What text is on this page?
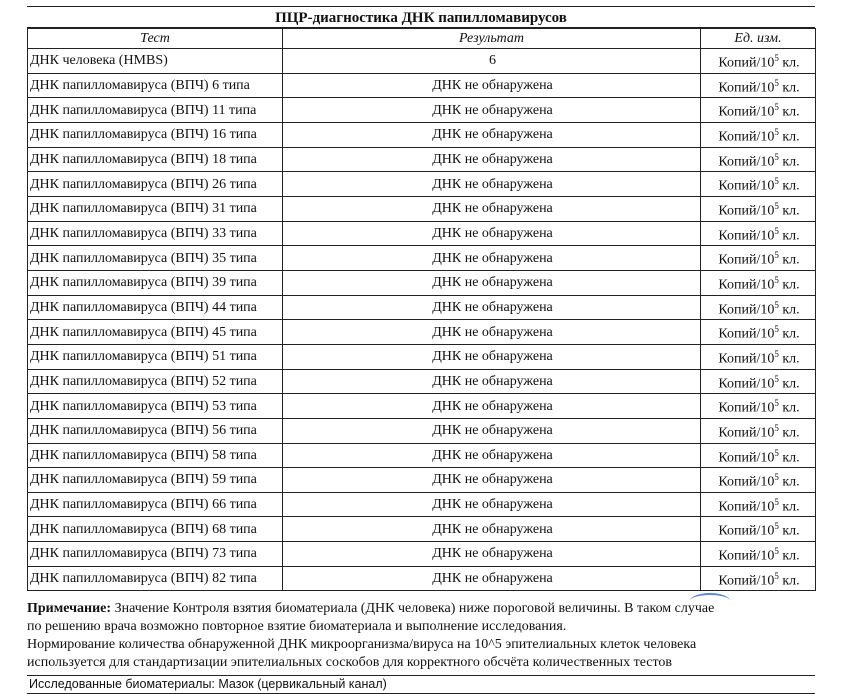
ПЦР-диагностика ДНК папилломавирусов
Тест	Результат	Ед. изм.
ДНК человека (HMBS)	6	Копий/$10^5$ кл.
ДНК папилломавируса (ВПЧ) 6 типа	ДНК не обнаружена	Копий/$10^5$ кл.
ДНК папилломавируса (ВПЧ) 11 типа	ДНК не обнаружена	Копий/$10^5$ кл.
ДНК папилломавируса (ВПЧ) 16 типа	ДНК не обнаружена	Копий/$10^5$ кл.
ДНК папилломавируса (ВПЧ) 18 типа	ДНК не обнаружена	Копий/$10^5$ кл.
ДНК папилломавируса (ВПЧ) 26 типа	ДНК не обнаружена	Копий/$10^5$ кл.
ДНК папилломавируса (ВПЧ) 31 типа	ДНК не обнаружена	Копий/$10^5$ кл.
ДНК папилломавируса (ВПЧ) 33 типа	ДНК не обнаружена	Копий/$10^5$ кл.
ДНК папилломавируса (ВПЧ) 35 типа	ДНК не обнаружена	Копий/$10^5$ кл.
ДНК папилломавируса (ВПЧ) 39 типа	ДНК не обнаружена	Копий/$10^5$ кл.
ДНК папилломавируса (ВПЧ) 44 типа	ДНК не обнаружена	Копий/$10^5$ кл.
ДНК папилломавируса (ВПЧ) 45 типа	ДНК не обнаружена	Копий/$10^5$ кл.
ДНК папилломавируса (ВПЧ) 51 типа	ДНК не обнаружена	Копий/$10^5$ кл.
ДНК папилломавируса (ВПЧ) 52 типа	ДНК не обнаружена	Копий/$10^5$ кл.
ДНК папилломавируса (ВПЧ) 53 типа	ДНК не обнаружена	Копий/$10^5$ кл.
ДНК папилломавируса (ВПЧ) 56 типа	ДНК не обнаружена	Копий/$10^5$ кл.
ДНК папилломавируса (ВПЧ) 58 типа	ДНК не обнаружена	Копий/$10^5$ кл.
ДНК папилломавируса (ВПЧ) 59 типа	ДНК не обнаружена	Копий/$10^5$ кл.
ДНК папилломавируса (ВПЧ) 66 типа	ДНК не обнаружена	Копий/$10^5$ кл.
ДНК папилломавируса (ВПЧ) 68 типа	ДНК не обнаружена	Копий/$10^5$ кл.
ДНК папилломавируса (ВПЧ) 73 типа	ДНК не обнаружена	Копий/$10^5$ кл.
ДНК папилломавируса (ВПЧ) 82 типа	ДНК не обнаружена	Копий/$10^5$ кл.
Примечание: Значение Контроля взятия биоматериала (ДНК человека) ниже пороговой величины. В таком случае
по решению врача возможно повторное взятие биоматериала и выполнение исследования.
Нормирование количества обнаруженной ДНК микроорганизма/вируса на 10^5 эпителиальных клеток человека
используется для стандартизации эпителиальных соскобов для корректного обсчёта количественных тестов
Исследованные биоматериалы: Мазок (цервикальный канал)
